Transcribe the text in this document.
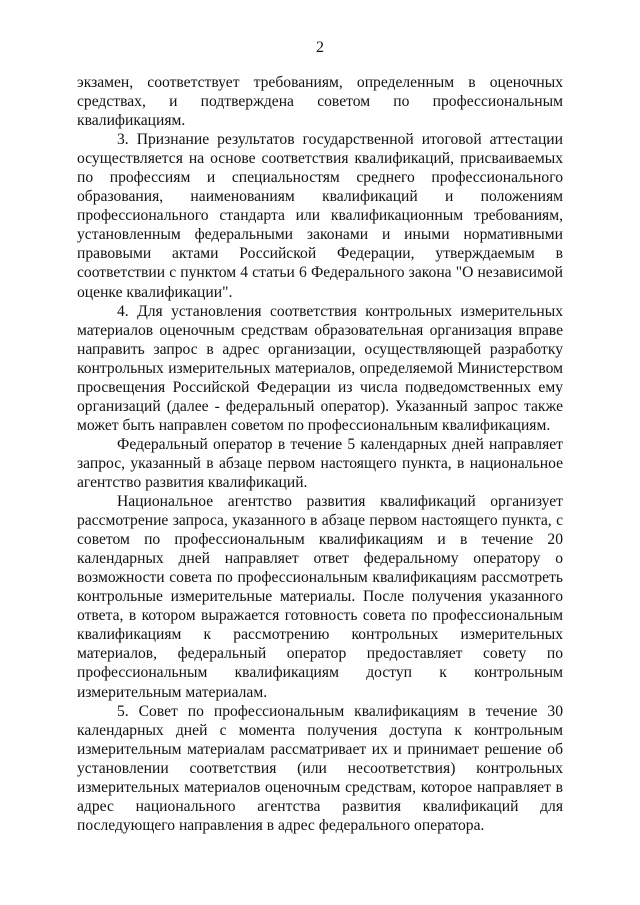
2

экзамен, соответствует требованиям, определенным в оценочных средствах, и подтверждена советом по профессиональным квалификациям.

3. Признание результатов государственной итоговой аттестации осуществляется на основе соответствия квалификаций, присваиваемых по профессиям и специальностям среднего профессионального образования, наименованиям квалификаций и положениям профессионального стандарта или квалификационным требованиям, установленным федеральными законами и иными нормативными правовыми актами Российской Федерации, утверждаемым в соответствии с пунктом 4 статьи 6 Федерального закона "О независимой оценке квалификации".

4. Для установления соответствия контрольных измерительных материалов оценочным средствам образовательная организация вправе направить запрос в адрес организации, осуществляющей разработку контрольных измерительных материалов, определяемой Министерством просвещения Российской Федерации из числа подведомственных ему организаций (далее - федеральный оператор). Указанный запрос также может быть направлен советом по профессиональным квалификациям.

Федеральный оператор в течение 5 календарных дней направляет запрос, указанный в абзаце первом настоящего пункта, в национальное агентство развития квалификаций.

Национальное агентство развития квалификаций организует рассмотрение запроса, указанного в абзаце первом настоящего пункта, с советом по профессиональным квалификациям и в течение 20 календарных дней направляет ответ федеральному оператору о возможности совета по профессиональным квалификациям рассмотреть контрольные измерительные материалы. После получения указанного ответа, в котором выражается готовность совета по профессиональным квалификациям к рассмотрению контрольных измерительных материалов, федеральный оператор предоставляет совету по профессиональным квалификациям доступ к контрольным измерительным материалам.

5. Совет по профессиональным квалификациям в течение 30 календарных дней с момента получения доступа к контрольным измерительным материалам рассматривает их и принимает решение об установлении соответствия (или несоответствия) контрольных измерительных материалов оценочным средствам, которое направляет в адрес национального агентства развития квалификаций для последующего направления в адрес федерального оператора.
